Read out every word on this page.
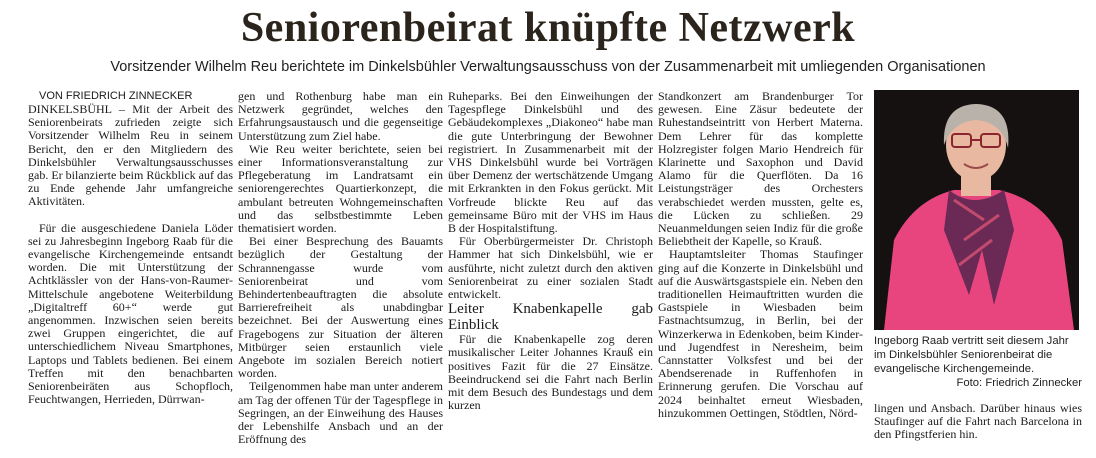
Seniorenbeirat knüpfte Netzwerk
Vorsitzender Wilhelm Reu berichtete im Dinkelsbühler Verwaltungsausschuss von der Zusammenarbeit mit umliegenden Organisationen

VON FRIEDRICH ZINNECKER

DINKELSBÜHL – Mit der Arbeit des Seniorenbeirats zufrieden zeigte sich Vorsitzender Wilhelm Reu in seinem Bericht, den er den Mitgliedern des Dinkelsbühler Verwaltungsausschusses gab. Er bilanzierte beim Rückblick auf das zu Ende gehende Jahr umfangreiche Aktivitäten.

Für die ausgeschiedene Daniela Löder sei zu Jahresbeginn Ingeborg Raab für die evangelische Kirchengemeinde entsandt worden. Die mit Unterstützung der Achtklässler von der Hans-von-Raumer-Mittelschule angebotene Weiterbildung „Digitaltreff 60+“ werde gut angenommen. Inzwischen seien bereits zwei Gruppen eingerichtet, die auf unterschiedlichem Niveau Smartphones, Laptops und Tablets bedienen. Bei einem Treffen mit den benachbarten Seniorenbeiräten aus Schopfloch, Feuchtwangen, Herrieden, Dürrwan-

gen und Rothenburg habe man ein Netzwerk gegründet, welches den Erfahrungsaustausch und die gegenseitige Unterstützung zum Ziel habe.

Wie Reu weiter berichtete, seien bei einer Informationsveranstaltung zur Pflegeberatung im Landratsamt ein seniorengerechtes Quartierkonzept, die ambulant betreuten Wohngemeinschaften und das selbstbestimmte Leben thematisiert worden.

Bei einer Besprechung des Bauamts bezüglich der Gestaltung der Schrannengasse wurde vom Seniorenbeirat und vom Behindertenbeauftragten die absolute Barrierefreiheit als unabdingbar bezeichnet. Bei der Auswertung eines Fragebogens zur Situation der älteren Mitbürger seien erstaunlich viele Angebote im sozialen Bereich notiert worden.

Teilgenommen habe man unter anderem am Tag der offenen Tür der Tagespflege in Segringen, an der Einweihung des Hauses der Lebenshilfe Ansbach und an der Eröffnung des

Ruheparks. Bei den Einweihungen der Tagespflege Dinkelsbühl und des Gebäudekomplexes „Diakoneo“ habe man die gute Unterbringung der Bewohner registriert. In Zusammenarbeit mit der VHS Dinkelsbühl wurde bei Vorträgen über Demenz der wertschätzende Umgang mit Erkrankten in den Fokus gerückt. Mit Vorfreude blickte Reu auf das gemeinsame Büro mit der VHS im Haus B der Hospitalstiftung.

Für Oberbürgermeister Dr. Christoph Hammer hat sich Dinkelsbühl, wie er ausführte, nicht zuletzt durch den aktiven Seniorenbeirat zu einer sozialen Stadt entwickelt.

Leiter Knabenkapelle gab Einblick

Für die Knabenkapelle zog deren musikalischer Leiter Johannes Krauß ein positives Fazit für die 27 Einsätze. Beeindruckend sei die Fahrt nach Berlin mit dem Besuch des Bundestags und dem kurzen

Standkonzert am Brandenburger Tor gewesen. Eine Zäsur bedeutete der Ruhestandseintritt von Herbert Materna. Dem Lehrer für das komplette Holzregister folgen Mario Hendreich für Klarinette und Saxophon und David Alamo für die Querflöten. Da 16 Leistungsträger des Orchesters verabschiedet werden mussten, gelte es, die Lücken zu schließen. 29 Neuanmeldungen seien Indiz für die große Beliebtheit der Kapelle, so Krauß.

Hauptamtsleiter Thomas Staufinger ging auf die Konzerte in Dinkelsbühl und auf die Auswärtsgastspiele ein. Neben den traditionellen Heimauftritten wurden die Gastspiele in Wiesbaden beim Fastnachtsumzug, in Berlin, bei der Winzerkerwa in Edenkoben, beim Kinder- und Jugendfest in Neresheim, beim Cannstatter Volksfest und bei der Abendserenade in Ruffenhofen in Erinnerung gerufen. Die Vorschau auf 2024 beinhaltet erneut Wiesbaden, hinzukommen Oettingen, Stödtlen, Nörd-

Ingeborg Raab vertritt seit diesem Jahr im Dinkelsbühler Seniorenbeirat die evangelische Kirchengemeinde.
Foto: Friedrich Zinnecker

lingen und Ansbach. Darüber hinaus wies Staufinger auf die Fahrt nach Barcelona in den Pfingstferien hin.
